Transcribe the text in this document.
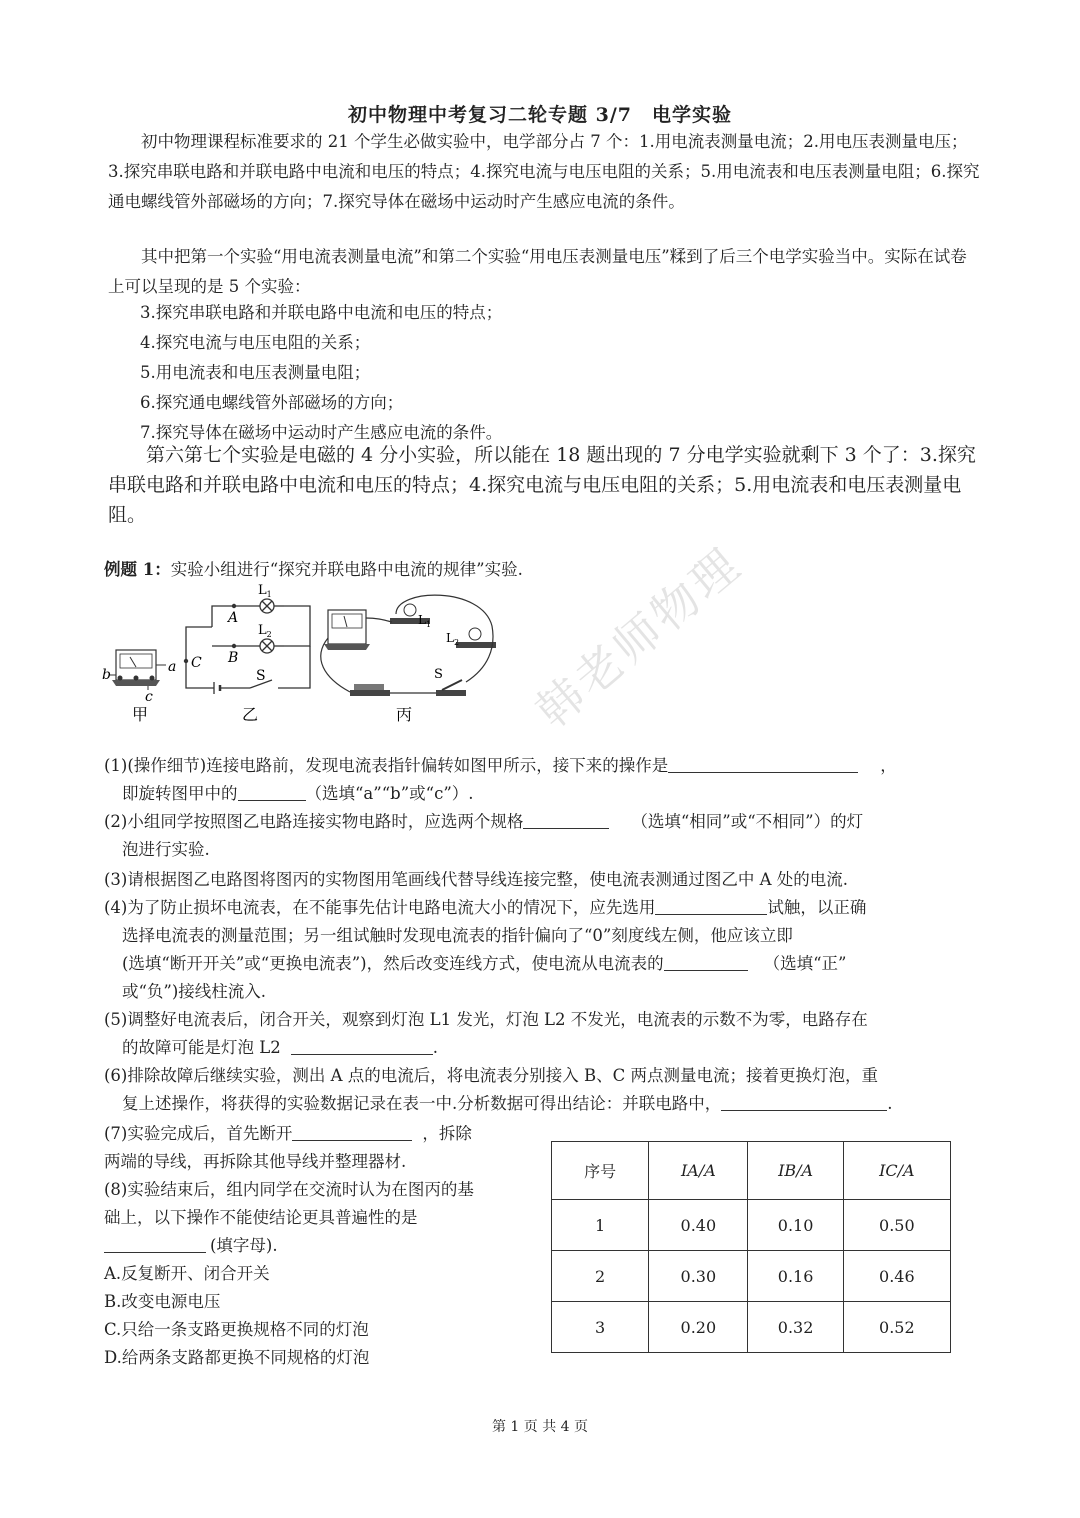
韩老师物理
初中物理中考复习二轮专题 3/7　电学实验
初中物理课程标准要求的 21 个学生必做实验中，电学部分占 7 个：1.用电流表测量电流；2.用电压表测量电压；3.探究串联电路和并联电路中电流和电压的特点；4.探究电流与电压电阻的关系；5.用电流表和电压表测量电阻；6.探究通电螺线管外部磁场的方向；7.探究导体在磁场中运动时产生感应电流的条件。
其中把第一个实验“用电流表测量电流”和第二个实验“用电压表测量电压”糅到了后三个电学实验当中。实际在试卷上可以呈现的是 5 个实验：
3.探究串联电路和并联电路中电流和电压的特点；
4.探究电流与电压电阻的关系；
5.用电流表和电压表测量电阻；
6.探究通电螺线管外部磁场的方向；
7.探究导体在磁场中运动时产生感应电流的条件。
第六第七个实验是电磁的 4 分小实验，所以能在 18 题出现的 7 分电学实验就剩下 3 个了：3.探究串联电路和并联电路中电流和电压的特点；4.探究电流与电压电阻的关系；5.用电流表和电压表测量电阻。
例题 1：实验小组进行“探究并联电路中电流的规律”实验.
b	a
c
甲
A
B
C
S
$L_1$
$L_2$
乙
$L_1$
$L_2$
S
丙
(1)(操作细节)连接电路前，发现电流表指针偏转如图甲所示，接下来的操作是	，
即旋转图甲中的	（选填“a”“b”或“c”）.
(2)小组同学按照图乙电路连接实物电路时，应选两个规格	（选填“相同”或“不相同”）的灯
泡进行实验.
(3)请根据图乙电路图将图丙的实物图用笔画线代替导线连接完整，使电流表测通过图乙中 A 处的电流.
(4)为了防止损坏电流表，在不能事先估计电路电流大小的情况下，应先选用	试触，以正确
选择电流表的测量范围；另一组试触时发现电流表的指针偏向了“0”刻度线左侧，他应该立即
(选填“断开开关”或“更换电流表”)，然后改变连线方式，使电流从电流表的	（选填“正”
或“负”)接线柱流入.
(5)调整好电流表后，闭合开关，观察到灯泡 L1 发光，灯泡 L2 不发光，电流表的示数不为零，电路存在
的故障可能是灯泡 L2	.
(6)排除故障后继续实验，测出 A 点的电流后，将电流表分别接入 B、C 两点测量电流；接着更换灯泡，重
复上述操作，将获得的实验数据记录在表一中.分析数据可得出结论：并联电路中，	.
(7)实验完成后，首先断开	，拆除
两端的导线，再拆除其他导线并整理器材.
(8)实验结束后，组内同学在交流时认为在图丙的基
础上，以下操作不能使结论更具普遍性的是
(填字母).
A.反复断开、闭合开关
B.改变电源电压
C.只给一条支路更换规格不同的灯泡
D.给两条支路都更换不同规格的灯泡
序号	IA/A	IB/A	IC/A
1	0.40	0.10	0.50
2	0.30	0.16	0.46
3	0.20	0.32	0.52
第 1 页 共 4 页
